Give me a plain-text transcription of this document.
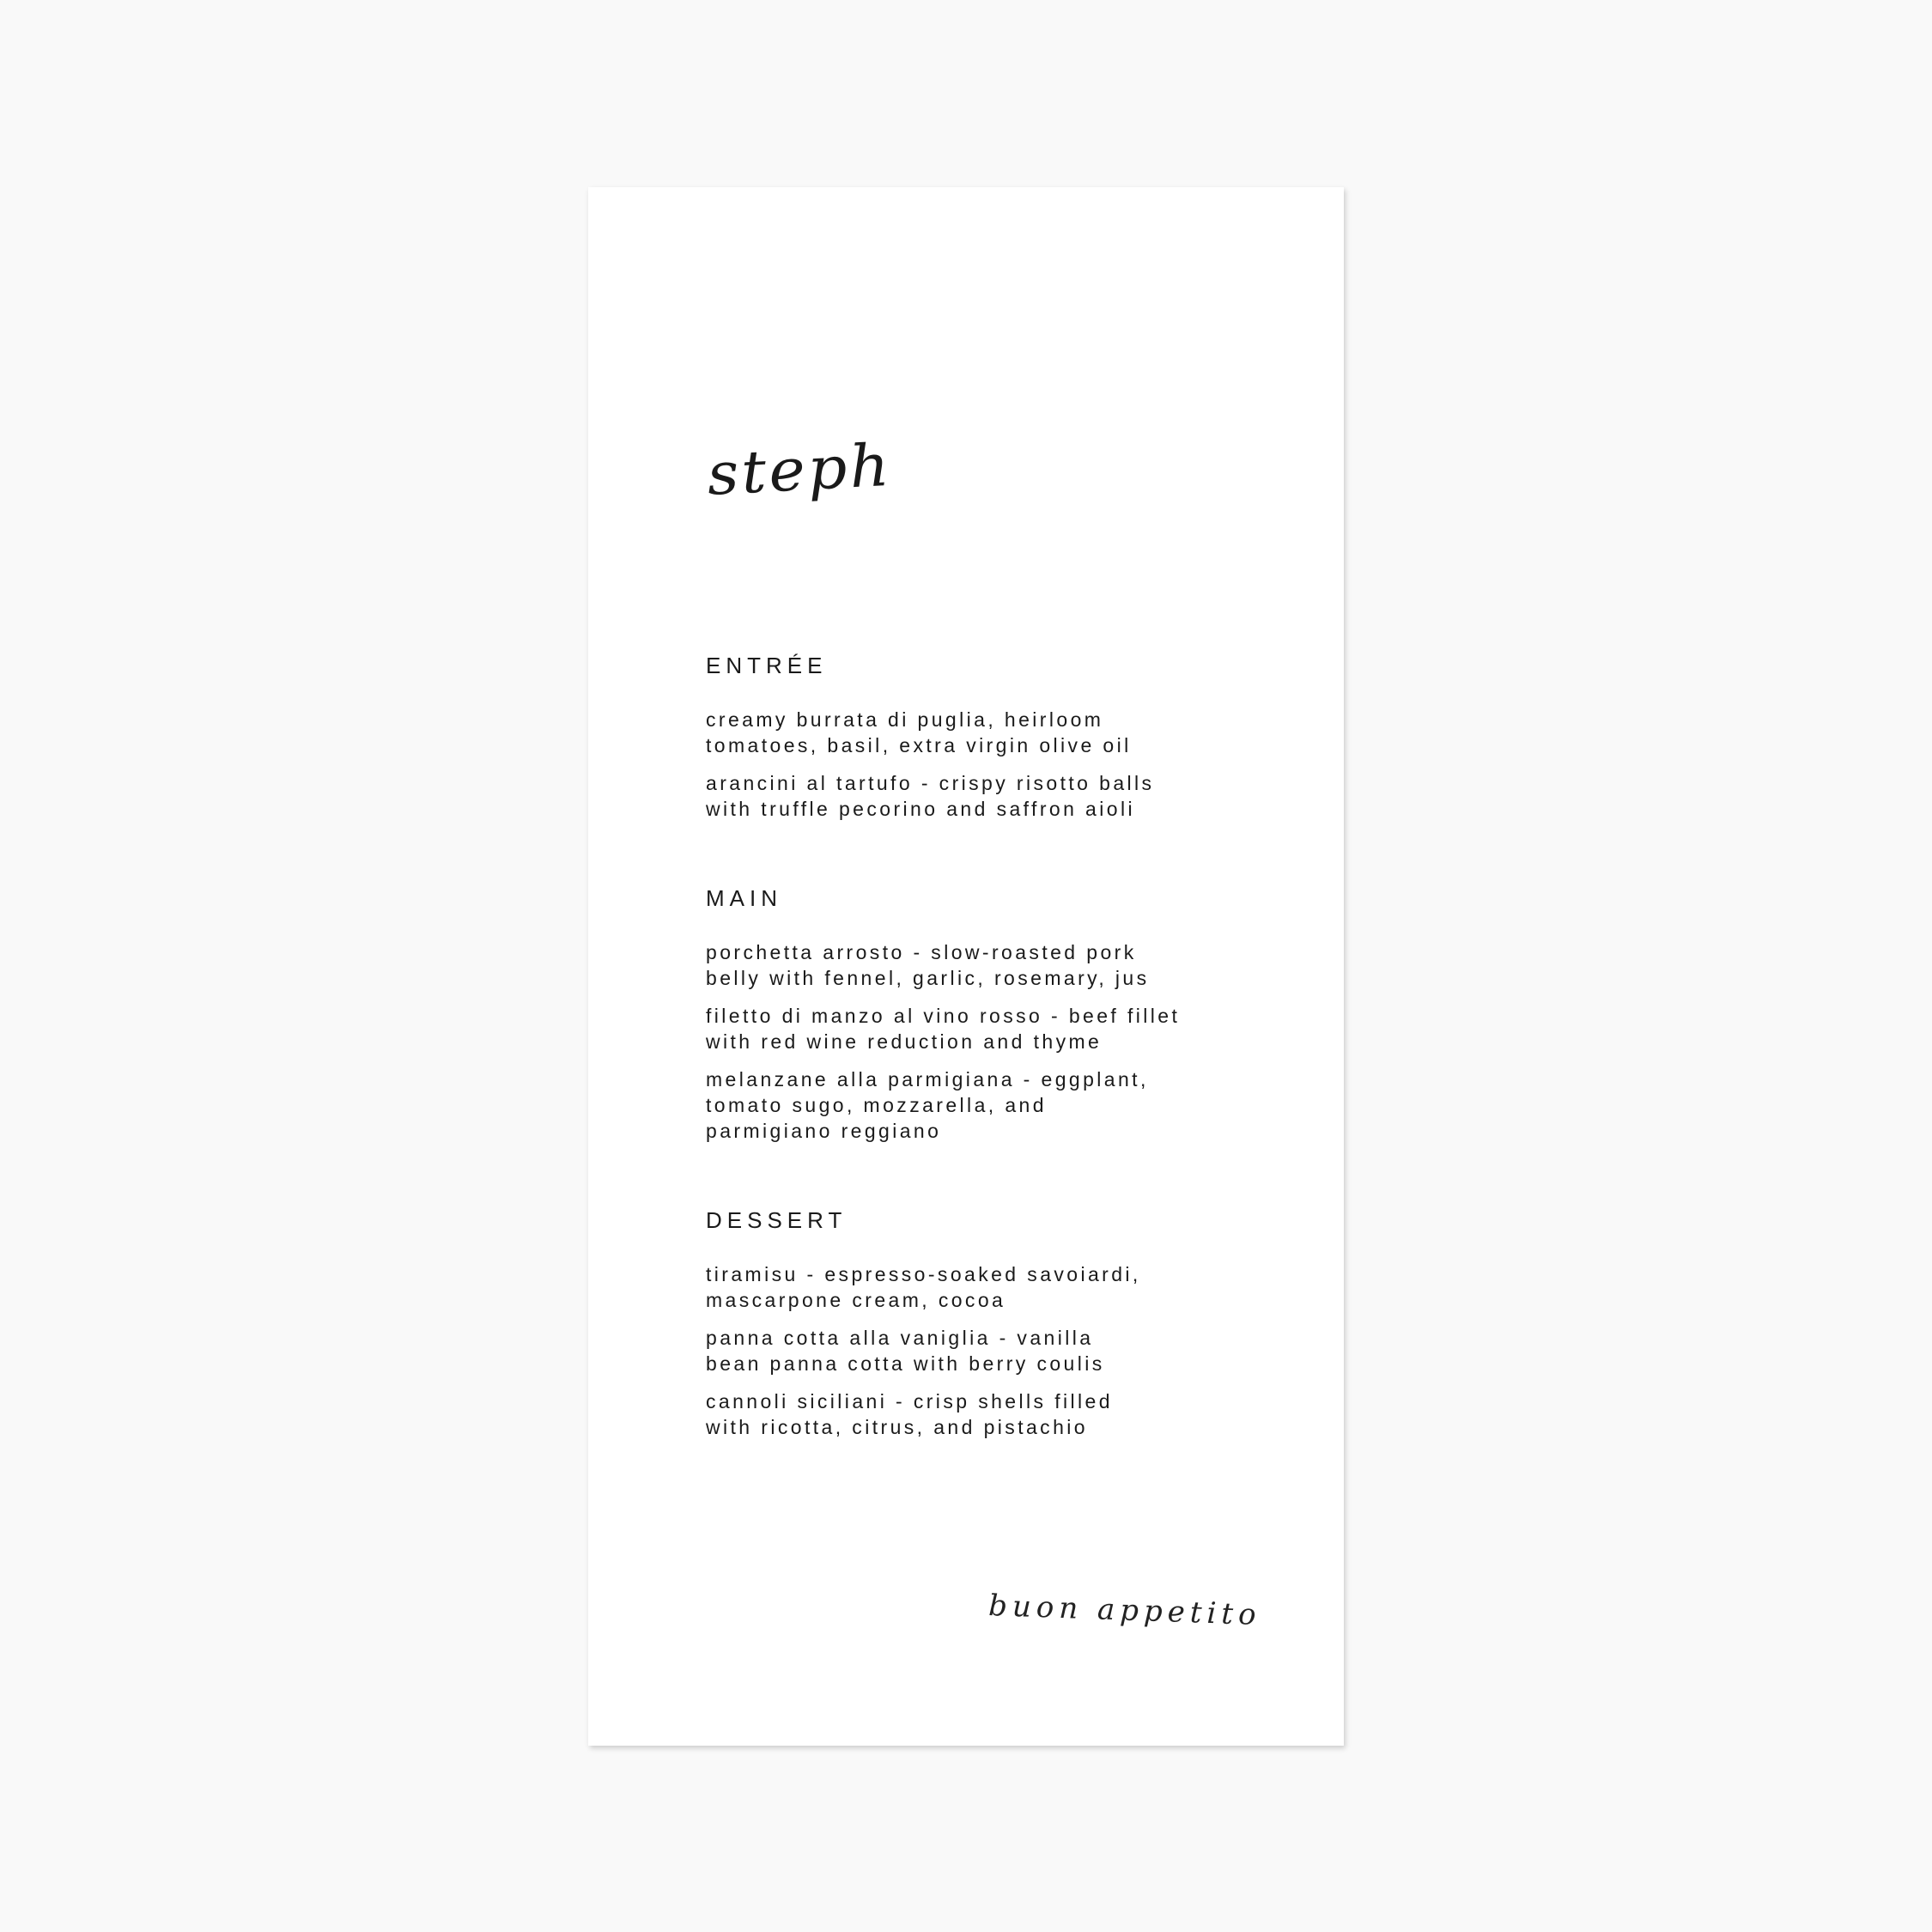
steph
ENTRÉE
creamy burrata di puglia, heirloom
tomatoes, basil, extra virgin olive oil
arancini al tartufo - crispy risotto balls
with truffle pecorino and saffron aioli
MAIN
porchetta arrosto - slow-roasted pork
belly with fennel, garlic, rosemary, jus
filetto di manzo al vino rosso - beef fillet
with red wine reduction and thyme
melanzane alla parmigiana - eggplant,
tomato sugo, mozzarella, and
parmigiano reggiano
DESSERT
tiramisu - espresso-soaked savoiardi,
mascarpone cream, cocoa
panna cotta alla vaniglia - vanilla
bean panna cotta with berry coulis
cannoli siciliani - crisp shells filled
with ricotta, citrus, and pistachio
buon appetito
